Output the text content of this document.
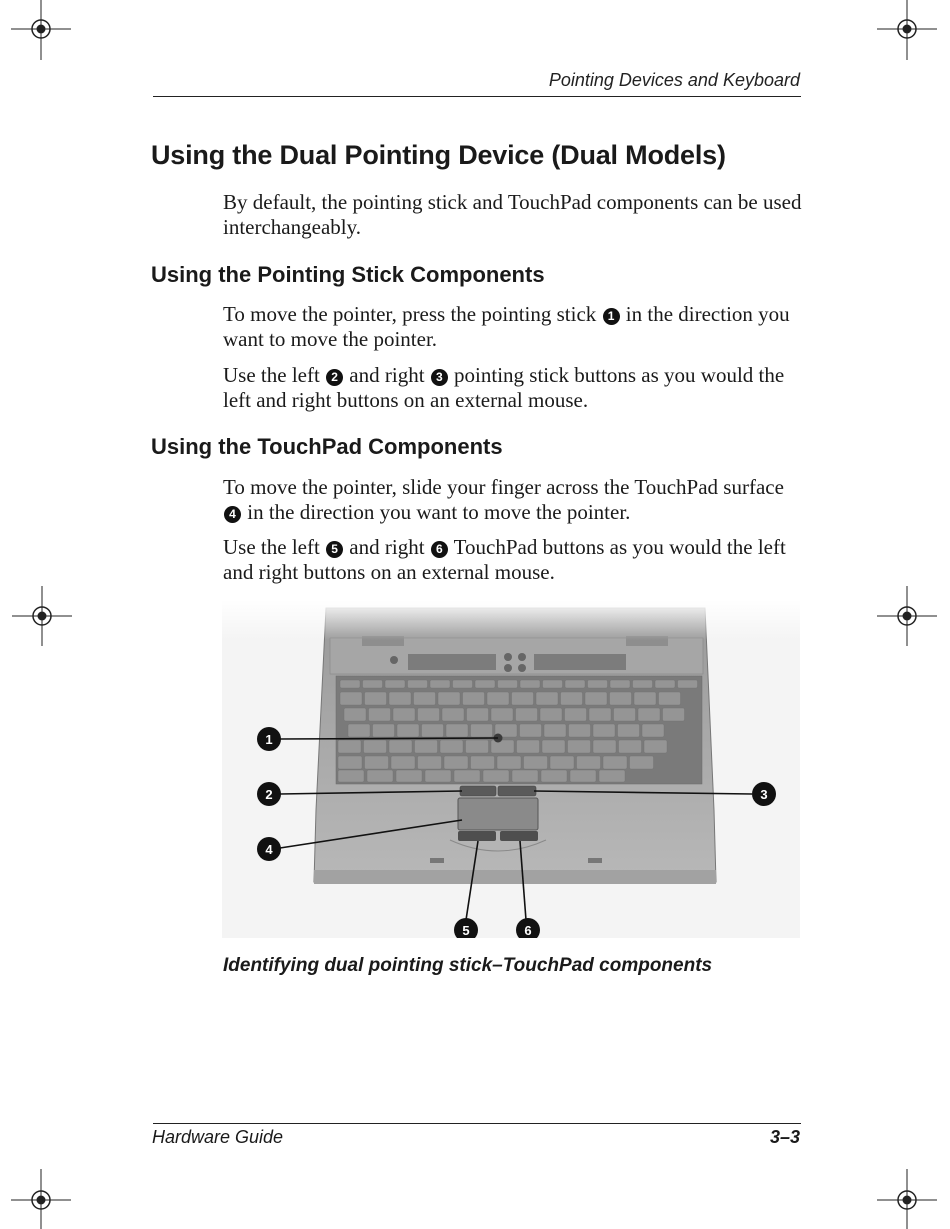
Pointing Devices and Keyboard
Using the Dual Pointing Device (Dual Models)

By default, the pointing stick and TouchPad components can be used interchangeably.

Using the Pointing Stick Components

To move the pointer, press the pointing stick 1 in the direction you want to move the pointer.

Use the left 2 and right 3 pointing stick buttons as you would the left and right buttons on an external mouse.

Using the TouchPad Components

To move the pointer, slide your finger across the TouchPad surface 4 in the direction you want to move the pointer.

Use the left 5 and right 6 TouchPad buttons as you would the left and right buttons on an external mouse.

1
2	3
4
5	6
Identifying dual pointing stick–TouchPad components
Hardware Guide	3–3
